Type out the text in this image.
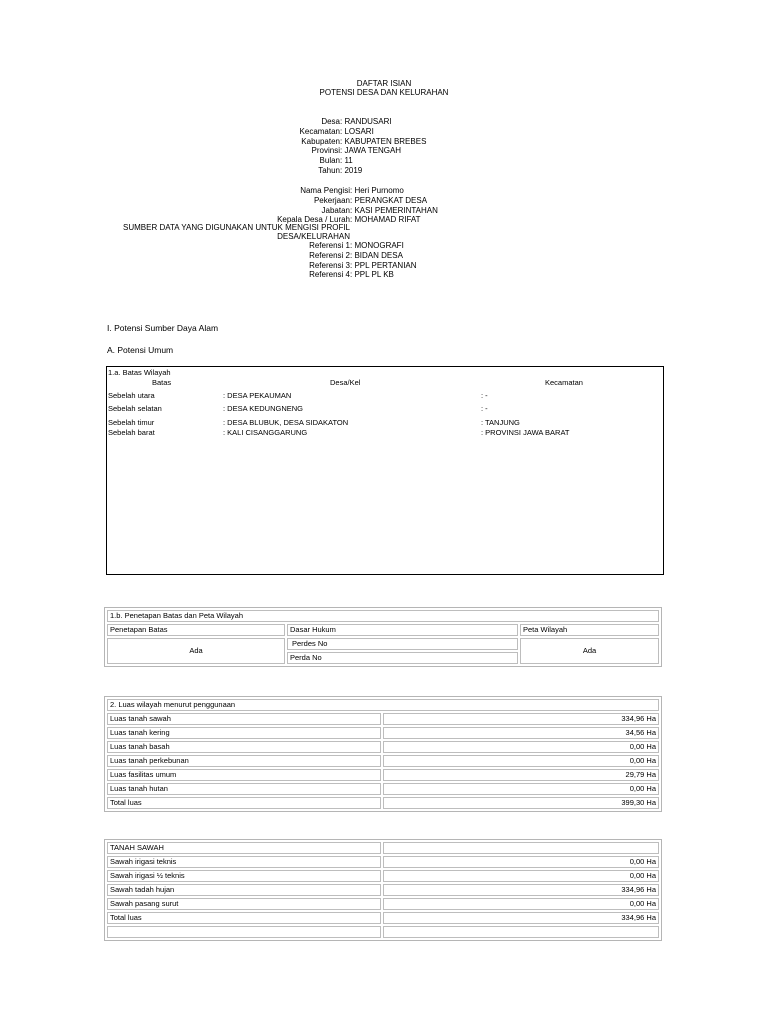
DAFTAR ISIAN
POTENSI DESA DAN KELURAHAN
Desa: RANDUSARI
Kecamatan: LOSARI
Kabupaten: KABUPATEN BREBES
Provinsi: JAWA TENGAH
Bulan: 11
Tahun: 2019
Nama Pengisi: Heri Purnomo
Pekerjaan: PERANGKAT DESA
Jabatan: KASI PEMERINTAHAN
Kepala Desa / Lurah: MOHAMAD RIFAT
SUMBER DATA YANG DIGUNAKAN UNTUK MENGISI PROFIL
DESA/KELURAHAN
Referensi 1: MONOGRAFI
Referensi 2: BIDAN DESA
Referensi 3: PPL PERTANIAN
Referensi 4: PPL PL KB
I. Potensi Sumber Daya Alam
A. Potensi Umum
1.a. Batas Wilayah
Batas	Desa/Kel	Kecamatan
Sebelah utara	: DESA PEKAUMAN	: -
Sebelah selatan	: DESA KEDUNGNENG	: -
Sebelah timur	: DESA BLUBUK, DESA SIDAKATON	: TANJUNG
Sebelah barat	: KALI CISANGGARUNG	: PROVINSI JAWA BARAT
1.b. Penetapan Batas dan Peta Wilayah		
Penetapan Batas	Dasar Hukum	Peta Wilayah
Ada	Perdes No	Ada
	Perda No	
2. Luas wilayah menurut penggunaan	
Luas tanah sawah	334,96 Ha
Luas tanah kering	34,56 Ha
Luas tanah basah	0,00 Ha
Luas tanah perkebunan	0,00 Ha
Luas fasilitas umum	29,79 Ha
Luas tanah hutan	0,00 Ha
Total luas	399,30 Ha
TANAH SAWAH	
Sawah irigasi teknis	0,00 Ha
Sawah irigasi ½ teknis	0,00 Ha
Sawah tadah hujan	334,96 Ha
Sawah pasang surut	0,00 Ha
Total luas	334,96 Ha
